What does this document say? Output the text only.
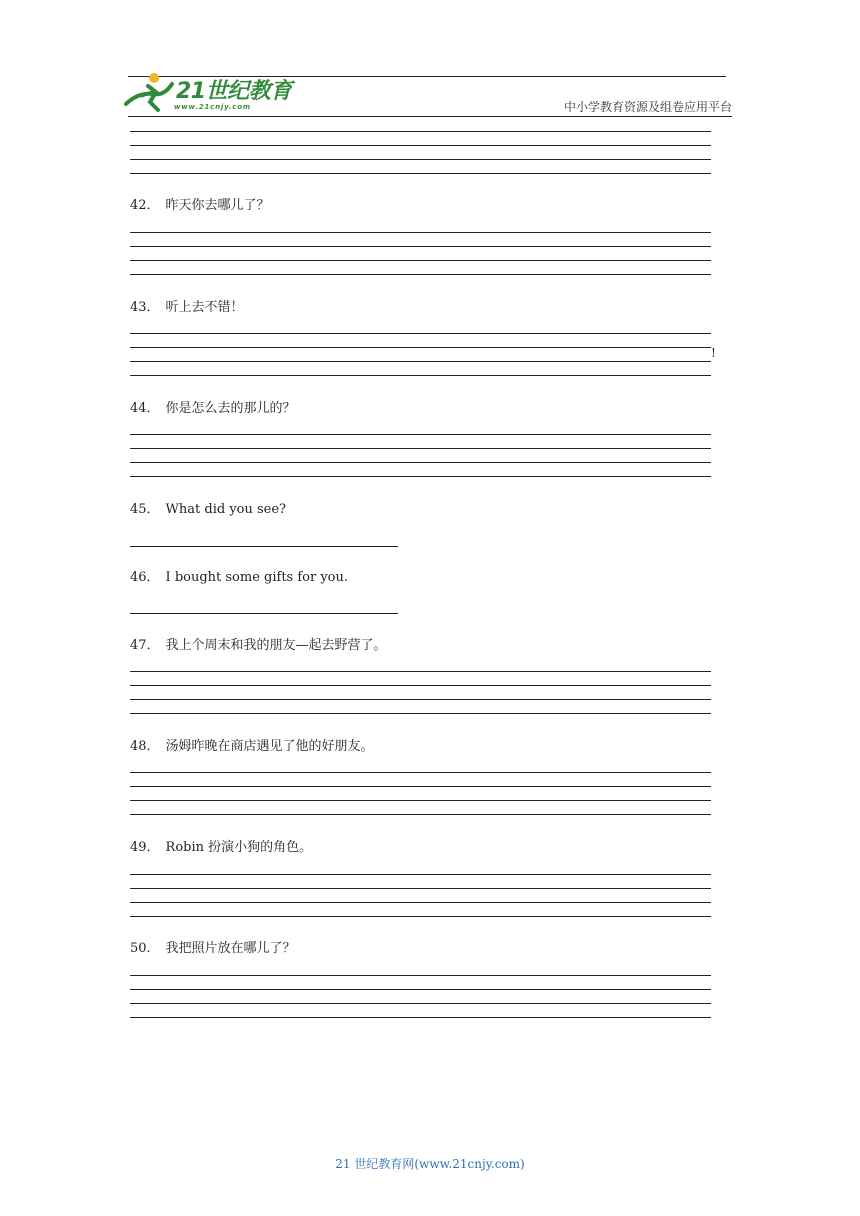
21世纪教育
www.21cnjy.com	中小学教育资源及组卷应用平台
42． 昨天你去哪儿了？
43． 听上去不错！
!
44． 你是怎么去的那儿的？
45． What did you see?
46． I bought some gifts for you.
47． 我上个周末和我的朋友—起去野营了。
48． 汤姆昨晚在商店遇见了他的好朋友。
49． Robin 扮演小狗的角色。
50． 我把照片放在哪儿了？
21 世纪教育网(www.21cnjy.com)
